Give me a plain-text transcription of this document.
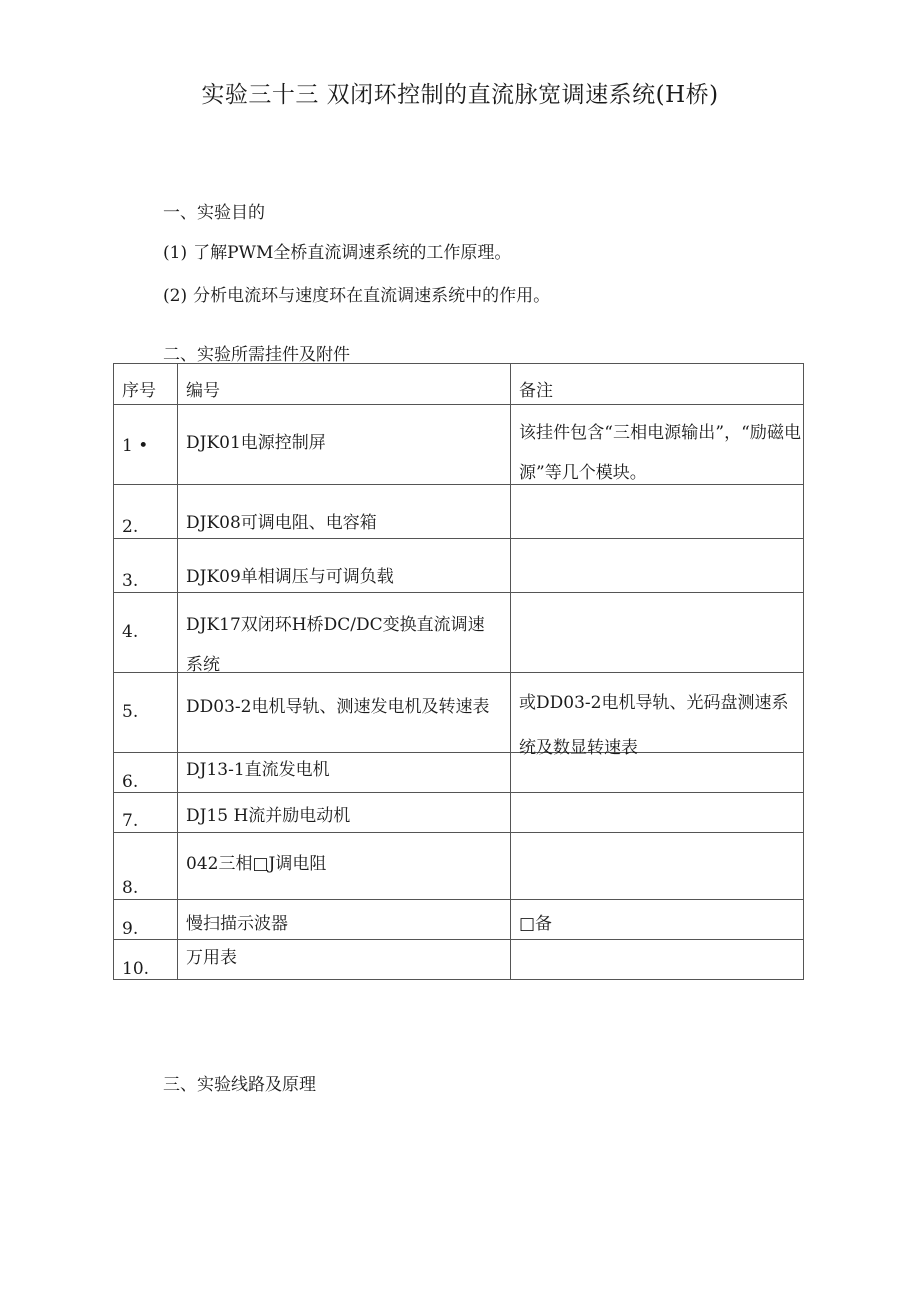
实验三十三 双闭环控制的直流脉宽调速系统(H桥)
一、实验目的
(1) 了解PWM全桥直流调速系统的工作原理。
(2) 分析电流环与速度环在直流调速系统中的作用。
二、实验所需挂件及附件
序号	编号	备注

1 •	DJK01电源控制屏	该挂件包含“三相电源输出”，“励磁电源”等几个模块。

2.	DJK08可调电阻、电容箱	

3.	DJK09单相调压与可调负载	

4.	DJK17双闭环H桥DC/DC变换直流调速系统	

5.	DD03-2电机导轨、测速发电机及转速表	或DD03-2电机导轨、光码盘测速系统及数显转速表

6.	DJ13-1直流发电机	

7.	DJ15 H流并励电动机	

8.	042三相□J调电阻	

9.	慢扫描示波器	□备

10.	万用表	

三、实验线路及原理
